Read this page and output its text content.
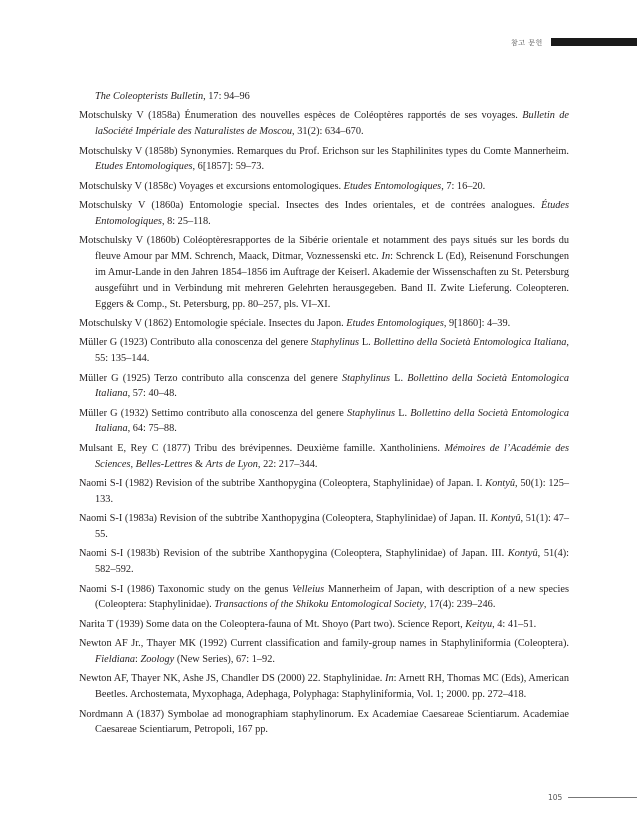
참고 문헌

The Coleopterists Bulletin, 17: 94–96

Motschulsky V (1858a) Énumeration des nouvelles espèces de Coléoptères rapportés de ses voyages. Bulletin de laSociété Impériale des Naturalistes de Moscou, 31(2): 634–670.

Motschulsky V (1858b) Synonymies. Remarques du Prof. Erichson sur les Staphilinites types du Comte Mannerheim. Etudes Entomologiques, 6[1857]: 59–73.

Motschulsky V (1858c) Voyages et excursions entomologiques. Etudes Entomologiques, 7: 16–20.

Motschulsky V (1860a) Entomologie special. Insectes des Indes orientales, et de contrées analogues. Études Entomologiques, 8: 25–118.

Motschulsky V (1860b) Coléoptèresrapportes de la Sibérie orientale et notamment des pays situés sur les bords du fleuve Amour par MM. Schrench, Maack, Ditmar, Voznessenski etc. In: Schrenck L (Ed), Reisenund Forschungen im Amur-Lande in den Jahren 1854–1856 im Auftrage der Keiserl. Akademie der Wissenschaften zu St. Petersburg ausgeführt und in Verbindung mit mehreren Gelehrten herausgegeben. Band II. Zwite Lieferung. Coleopteren. Eggers & Comp., St. Petersburg, pp. 80–257, pls. VI–XI.

Motschulsky V (1862) Entomologie spéciale. Insectes du Japon. Etudes Entomologiques, 9[1860]: 4–39.

Müller G (1923) Contributo alla conoscenza del genere Staphylinus L. Bollettino della Società Entomologica Italiana, 55: 135–144.

Müller G (1925) Terzo contributo alla conscenza del genere Staphylinus L. Bollettino della Società Entomologica Italiana, 57: 40–48.

Müller G (1932) Settimo contributo alla conoscenza del genere Staphylinus L. Bollettino della Società Entomologica Italiana, 64: 75–88.

Mulsant E, Rey C (1877) Tribu des brévipennes. Deuxième famille. Xantholiniens. Mémoires de l’Académie des Sciences, Belles-Lettres & Arts de Lyon, 22: 217–344.

Naomi S-I (1982) Revision of the subtribe Xanthopygina (Coleoptera, Staphylinidae) of Japan. I. Kontyû, 50(1): 125–133.

Naomi S-I (1983a) Revision of the subtribe Xanthopygina (Coleoptera, Staphylinidae) of Japan. II. Kontyû, 51(1): 47–55.

Naomi S-I (1983b) Revision of the subtribe Xanthopygina (Coleoptera, Staphylinidae) of Japan. III. Kontyû, 51(4): 582–592.

Naomi S-I (1986) Taxonomic study on the genus Velleius Mannerheim of Japan, with description of a new species (Coleoptera: Staphylinidae). Transactions of the Shikoku Entomological Society, 17(4): 239–246.

Narita T (1939) Some data on the Coleoptera-fauna of Mt. Shoyo (Part two). Science Report, Keityu, 4: 41–51.

Newton AF Jr., Thayer MK (1992) Current classification and family-group names in Staphyliniformia (Coleoptera). Fieldiana: Zoology (New Series), 67: 1–92.

Newton AF, Thayer NK, Ashe JS, Chandler DS (2000) 22. Staphylinidae. In: Arnett RH, Thomas MC (Eds), American Beetles. Archostemata, Myxophaga, Adephaga, Polyphaga: Staphyliniformia, Vol. 1; 2000. pp. 272–418.

Nordmann A (1837) Symbolae ad monographiam staphylinorum. Ex Academiae Caesareae Scientiarum. Academiae Caesareae Scientiarum, Petropoli, 167 pp.

105
